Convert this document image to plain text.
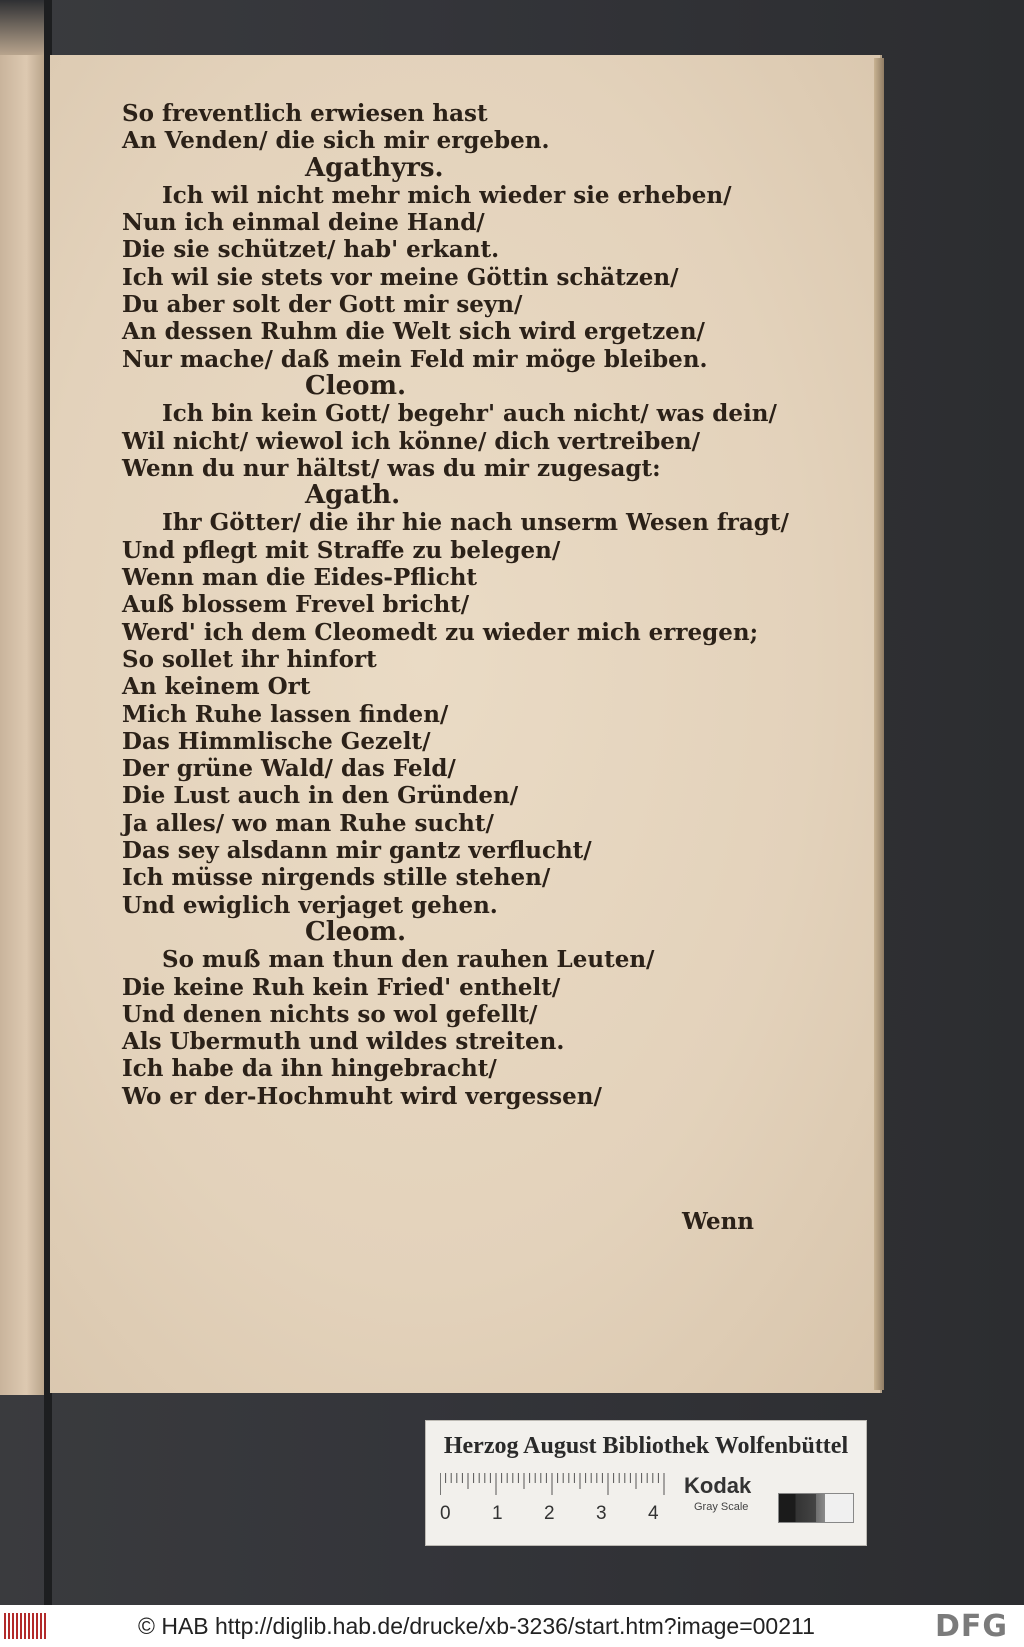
So freventlich erwiesen hast
An Venden/ die sich mir ergeben.
Agathyrs.
Ich wil nicht mehr mich wieder sie erheben/
Nun ich einmal deine Hand/
Die sie schützet/ hab' erkant.
Ich wil sie stets vor meine Göttin schätzen/
Du aber solt der Gott mir seyn/
An dessen Ruhm die Welt sich wird ergetzen/
Nur mache/ daß mein Feld mir möge bleiben.
Cleom.
Ich bin kein Gott/ begehr' auch nicht/ was dein/
Wil nicht/ wiewol ich könne/ dich vertreiben/
Wenn du nur hältst/ was du mir zugesagt:
Agath.
Ihr Götter/ die ihr hie nach unserm Wesen fragt/
Und pflegt mit Straffe zu belegen/
Wenn man die Eides-Pflicht
Auß blossem Frevel bricht/
Werd' ich dem Cleomedt zu wieder mich erregen;
So sollet ihr hinfort
An keinem Ort
Mich Ruhe lassen finden/
Das Himmlische Gezelt/
Der grüne Wald/ das Feld/
Die Lust auch in den Gründen/
Ja alles/ wo man Ruhe sucht/
Das sey alsdann mir gantz verflucht/
Ich müsse nirgends stille stehen/
Und ewiglich verjaget gehen.
Cleom.
So muß man thun den rauhen Leuten/
Die keine Ruh kein Fried' enthelt/
Und denen nichts so wol gefellt/
Als Ubermuth und wildes streiten.
Ich habe da ihn hingebracht/
Wo er der-Hochmuht wird vergessen/
Wenn
Herzog August Bibliothek Wolfenbüttel
0 1 2 3 4
Kodak
Gray Scale
© HAB http://diglib.hab.de/drucke/xb-3236/start.htm?image=00211	DFG
